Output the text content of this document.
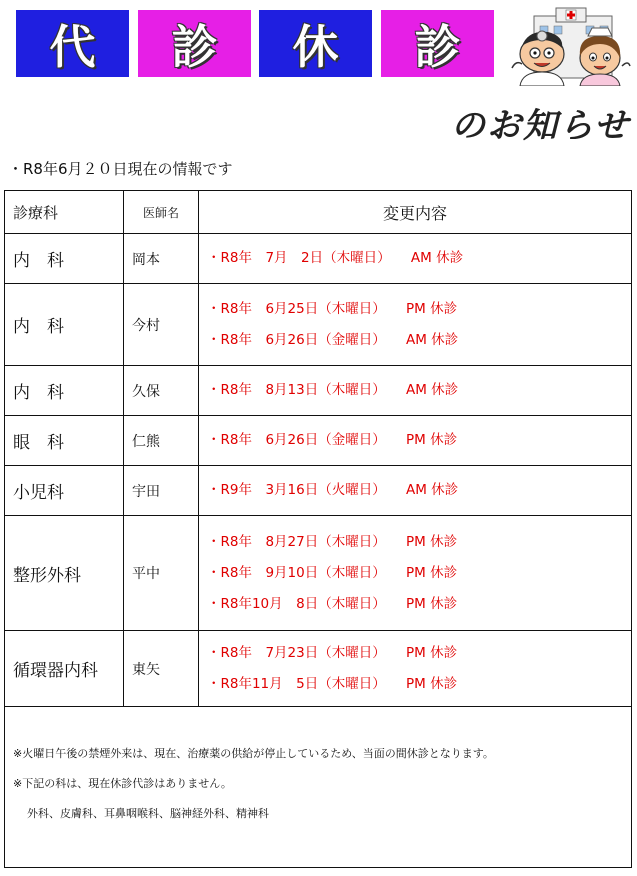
代 診 休 診
のお知らせ
・R8年6月２０日現在の情報です
診療科	医師名	変更内容
内　科	岡本	・R8年　7月　2日（木曜日）　　AM 休診

内　科	今村	・R8年　6月25日（木曜日）　　PM 休診
・R8年　6月26日（金曜日）　　AM 休診

内　科	久保	・R8年　8月13日（木曜日）　　AM 休診

眼　科	仁熊	・R8年　6月26日（金曜日）　　PM 休診

小児科	宇田	・R9年　3月16日（火曜日）　　AM 休診

整形外科	平中	・R8年　8月27日（木曜日）　　PM 休診
・R8年　9月10日（木曜日）　　PM 休診
・R8年10月　8日（木曜日）　　PM 休診

循環器内科	東矢	・R8年　7月23日（木曜日）　　PM 休診
・R8年11月　5日（木曜日）　　PM 休診

※火曜日午後の禁煙外来は、現在、治療薬の供給が停止しているため、当面の間休診となります。
※下記の科は、現在休診代診はありません。
外科、皮膚科、耳鼻咽喉科、脳神経外科、精神科		
